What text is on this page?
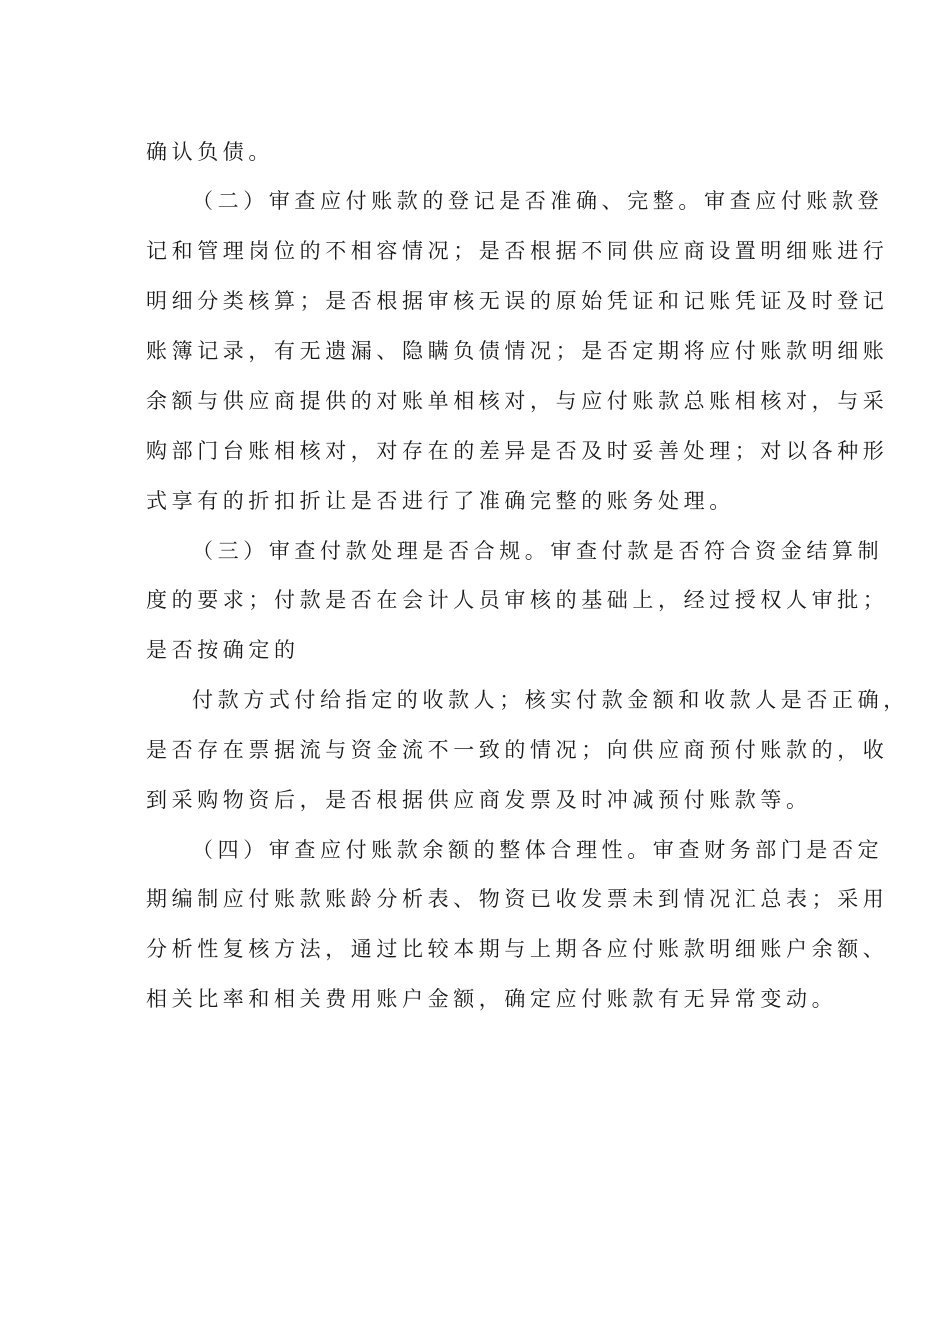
确认负债。
（二）审查应付账款的登记是否准确、完整。审查应付账款登
记和管理岗位的不相容情况；是否根据不同供应商设置明细账进行
明细分类核算；是否根据审核无误的原始凭证和记账凭证及时登记
账簿记录，有无遗漏、隐瞒负债情况；是否定期将应付账款明细账
余额与供应商提供的对账单相核对，与应付账款总账相核对，与采
购部门台账相核对，对存在的差异是否及时妥善处理；对以各种形
式享有的折扣折让是否进行了准确完整的账务处理。
（三）审查付款处理是否合规。审查付款是否符合资金结算制
度的要求；付款是否在会计人员审核的基础上，经过授权人审批；
是否按确定的
付款方式付给指定的收款人；核实付款金额和收款人是否正确，
是否存在票据流与资金流不一致的情况；向供应商预付账款的，收
到采购物资后，是否根据供应商发票及时冲减预付账款等。
（四）审查应付账款余额的整体合理性。审查财务部门是否定
期编制应付账款账龄分析表、物资已收发票未到情况汇总表；采用
分析性复核方法，通过比较本期与上期各应付账款明细账户余额、
相关比率和相关费用账户金额，确定应付账款有无异常变动。
